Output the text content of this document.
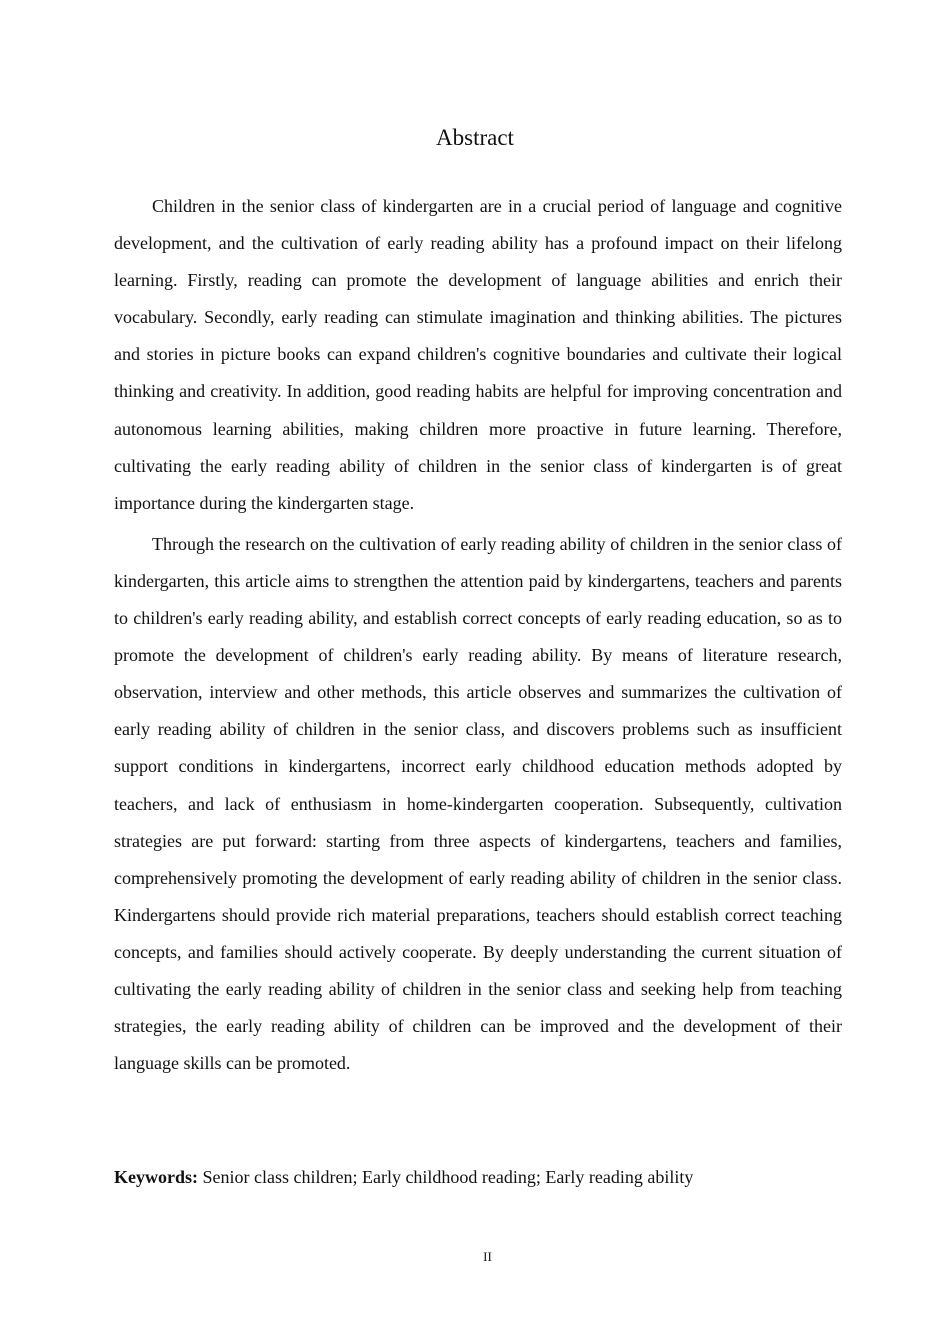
Abstract

Children in the senior class of kindergarten are in a crucial period of language and cognitive development, and the cultivation of early reading ability has a profound impact on their lifelong learning. Firstly, reading can promote the development of language abilities and enrich their vocabulary. Secondly, early reading can stimulate imagination and thinking abilities. The pictures and stories in picture books can expand children's cognitive boundaries and cultivate their logical thinking and creativity. In addition, good reading habits are helpful for improving concentration and autonomous learning abilities, making children more proactive in future learning. Therefore, cultivating the early reading ability of children in the senior class of kindergarten is of great importance during the kindergarten stage.

Through the research on the cultivation of early reading ability of children in the senior class of kindergarten, this article aims to strengthen the attention paid by kindergartens, teachers and parents to children's early reading ability, and establish correct concepts of early reading education, so as to promote the development of children's early reading ability. By means of literature research, observation, interview and other methods, this article observes and summarizes the cultivation of early reading ability of children in the senior class, and discovers problems such as insufficient support conditions in kindergartens, incorrect early childhood education methods adopted by teachers, and lack of enthusiasm in home-kindergarten cooperation. Subsequently, cultivation strategies are put forward: starting from three aspects of kindergartens, teachers and families, comprehensively promoting the development of early reading ability of children in the senior class. Kindergartens should provide rich material preparations, teachers should establish correct teaching concepts, and families should actively cooperate. By deeply understanding the current situation of cultivating the early reading ability of children in the senior class and seeking help from teaching strategies, the early reading ability of children can be improved and the development of their language skills can be promoted.

Keywords: Senior class children; Early childhood reading; Early reading ability
II
